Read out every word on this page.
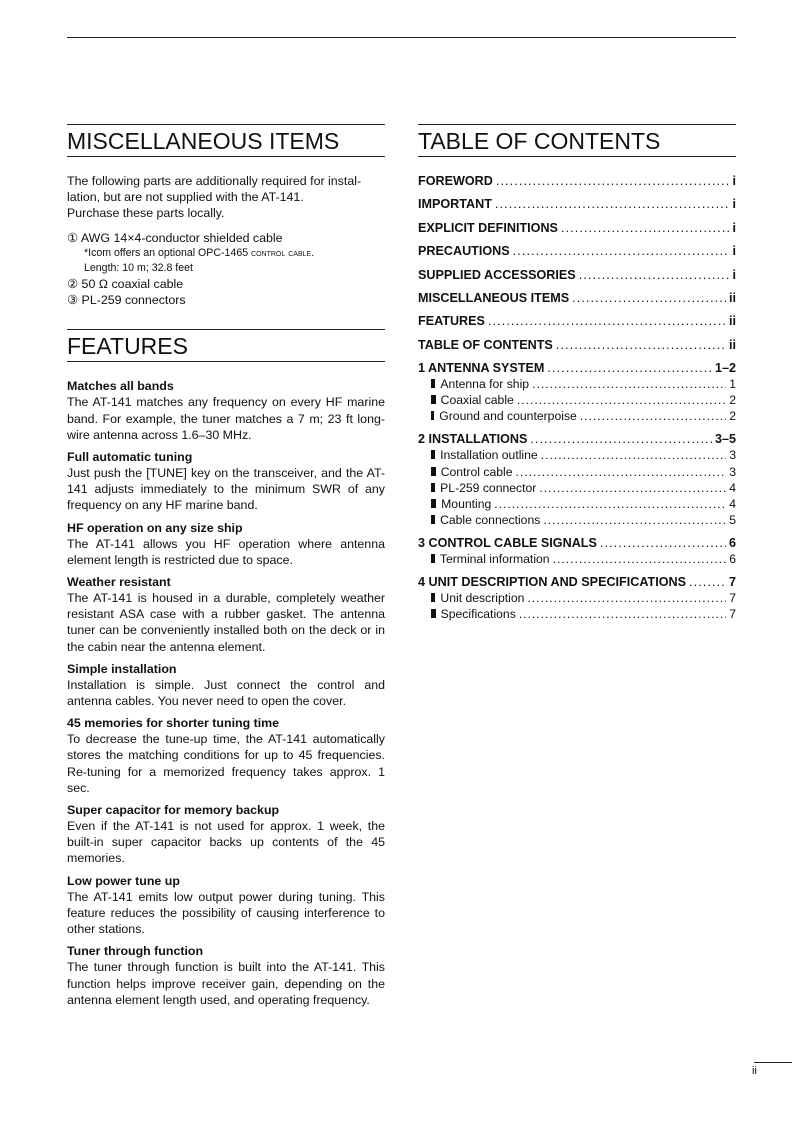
MISCELLANEOUS ITEMS
The following parts are additionally required for instal-
lation, but are not supplied with the AT-141.
Purchase these parts locally.
① AWG 14×4-conductor shielded cable
*Icom offers an optional OPC-1465 control cable.
Length: 10 m; 32.8 feet
② 50 Ω coaxial cable
③ PL-259 connectors
FEATURES
Matches all bands
The AT-141 matches any frequency on every HF marine band. For example, the tuner matches a 7 m; 23 ft long-wire antenna across 1.6–30 MHz.
Full automatic tuning
Just push the [TUNE] key on the transceiver, and the AT-141 adjusts immediately to the minimum SWR of any frequency on any HF marine band.
HF operation on any size ship
The AT-141 allows you HF operation where antenna element length is restricted due to space.
Weather resistant
The AT-141 is housed in a durable, completely weather resistant ASA case with a rubber gasket. The antenna tuner can be conveniently installed both on the deck or in the cabin near the antenna element.
Simple installation
Installation is simple. Just connect the control and antenna cables. You never need to open the cover.
45 memories for shorter tuning time
To decrease the tune-up time, the AT-141 automatically stores the matching conditions for up to 45 frequencies. Re-tuning for a memorized frequency takes approx. 1 sec.
Super capacitor for memory backup
Even if the AT-141 is not used for approx. 1 week, the built-in super capacitor backs up contents of the 45 memories.
Low power tune up
The AT-141 emits low output power during tuning. This feature reduces the possibility of causing interference to other stations.
Tuner through function
The tuner through function is built into the AT-141. This function helps improve receiver gain, depending on the antenna element length used, and operating frequency.
TABLE OF CONTENTS
FOREWORD . . .	i
IMPORTANT . . .	i
EXPLICIT DEFINITIONS . . .	i
PRECAUTIONS . . .	i
SUPPLIED ACCESSORIES . . .	i
MISCELLANEOUS ITEMS . . .	ii
FEATURES . . .	ii
TABLE OF CONTENTS . . .	ii
1 ANTENNA SYSTEM . . .	1–2
Antenna for ship . . .	1
Coaxial cable . . .	2
Ground and counterpoise . . .	2
2 INSTALLATIONS . . .	3–5
Installation outline . . .	3
Control cable . . .	3
PL-259 connector . . .	4
Mounting . . .	4
Cable connections . . .	5
3 CONTROL CABLE SIGNALS . . .	6
Terminal information . . .	6
4 UNIT DESCRIPTION AND SPECIFICATIONS . . .	7
Unit description . . .	7
Specifications . . .	7
ii
